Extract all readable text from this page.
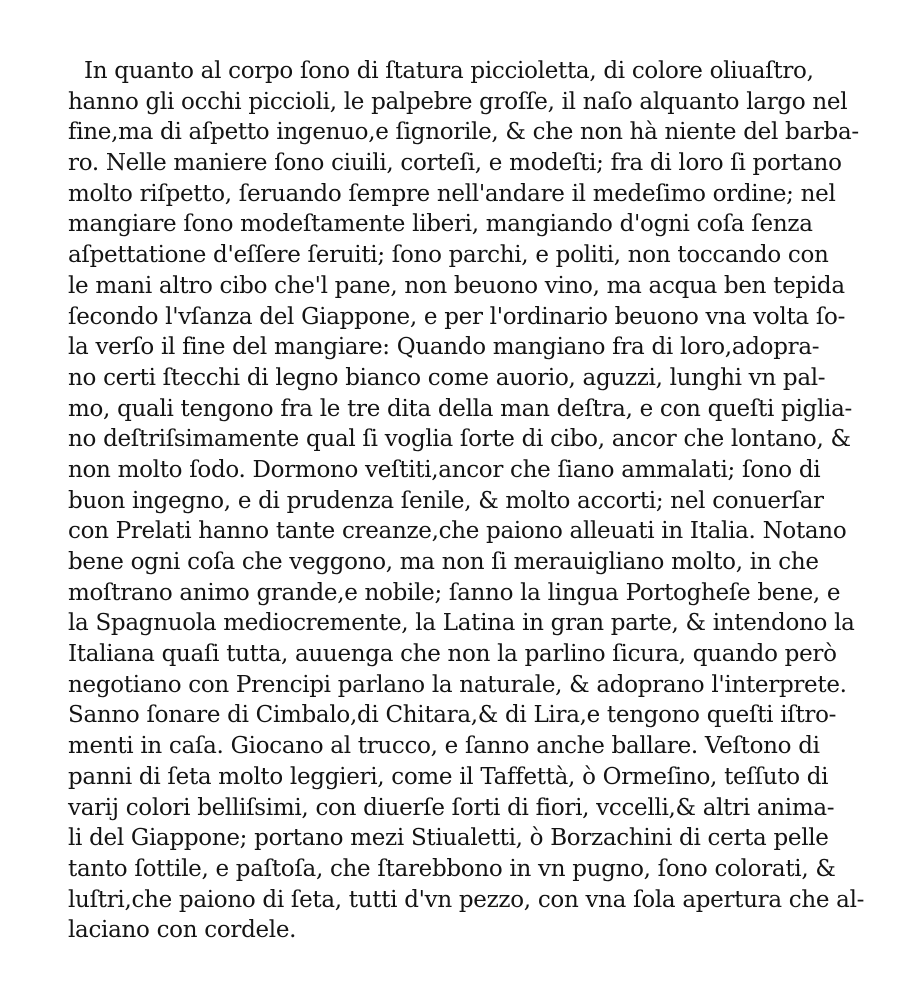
In quanto al corpo ſono di ſtatura piccioletta, di colore oliuaſtro,
hanno gli occhi piccioli, le palpebre groſſe, il naſo alquanto largo nel
fine,ma di aſpetto ingenuo,e ſignorile, & che non hà niente del barba-
ro. Nelle maniere ſono ciuili, corteſi, e modeſti; fra di loro ſi portano
molto riſpetto, ſeruando ſempre nell'andare il medeſimo ordine; nel
mangiare ſono modeſtamente liberi, mangiando d'ogni coſa ſenza
aſpettatione d'eſſere ſeruiti; ſono parchi, e politi, non toccando con
le mani altro cibo che'l pane, non beuono vino, ma acqua ben tepida
ſecondo l'vſanza del Giappone, e per l'ordinario beuono vna volta ſo-
la verſo il fine del mangiare: Quando mangiano fra di loro,adopra-
no certi ſtecchi di legno bianco come auorio, aguzzi, lunghi vn pal-
mo, quali tengono fra le tre dita della man deſtra, e con queſti piglia-
no deſtriſsimamente qual ſi voglia ſorte di cibo, ancor che lontano, &
non molto ſodo. Dormono veſtiti,ancor che ſiano ammalati; ſono di
buon ingegno, e di prudenza ſenile, & molto accorti; nel conuerſar
con Prelati hanno tante creanze,che paiono alleuati in Italia. Notano
bene ogni coſa che veggono, ma non ſi merauigliano molto, in che
moſtrano animo grande,e nobile; ſanno la lingua Portogheſe bene, e
la Spagnuola mediocremente, la Latina in gran parte, & intendono la
Italiana quaſi tutta, auuenga che non la parlino ſicura, quando però
negotiano con Prencipi parlano la naturale, & adoprano l'interprete.
Sanno ſonare di Cimbalo,di Chitara,& di Lira,e tengono queſti iſtro-
menti in caſa. Giocano al trucco, e ſanno anche ballare. Veſtono di
panni di ſeta molto leggieri, come il Taffettà, ò Ormeſino, teſſuto di
varij colori belliſsimi, con diuerſe ſorti di fiori, vccelli,& altri anima-
li del Giappone; portano mezi Stiualetti, ò Borzachini di certa pelle
tanto ſottile, e paſtoſa, che ſtarebbono in vn pugno, ſono colorati, &
luſtri,che paiono di ſeta, tutti d'vn pezzo, con vna ſola apertura che al-
laciano con cordele.
